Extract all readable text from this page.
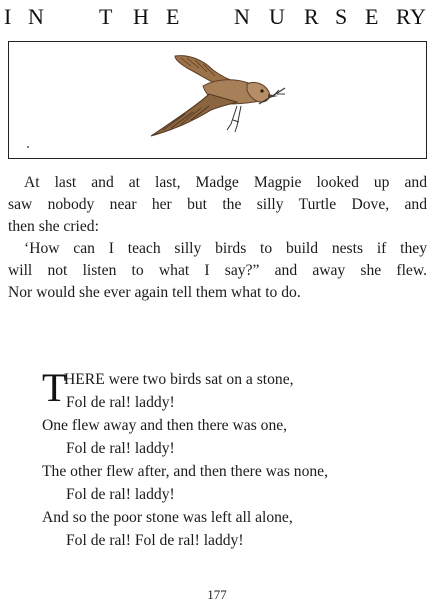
I N	T H E N U R S E R Y

At last and at last, Madge Magpie looked up and

saw nobody near her but the silly Turtle Dove, and

then she cried:

‘How can I teach silly birds to build nests if they

will not listen to what I say?” and away she flew.

Nor would she ever again tell them what to do.

T
HERE were two birds sat on a stone,
Fol de ral! laddy!
One flew away and then there was one,
Fol de ral! laddy!
The other flew after, and then there was none,
Fol de ral! laddy!
And so the poor stone was left all alone,
Fol de ral! Fol de ral! laddy!
177
